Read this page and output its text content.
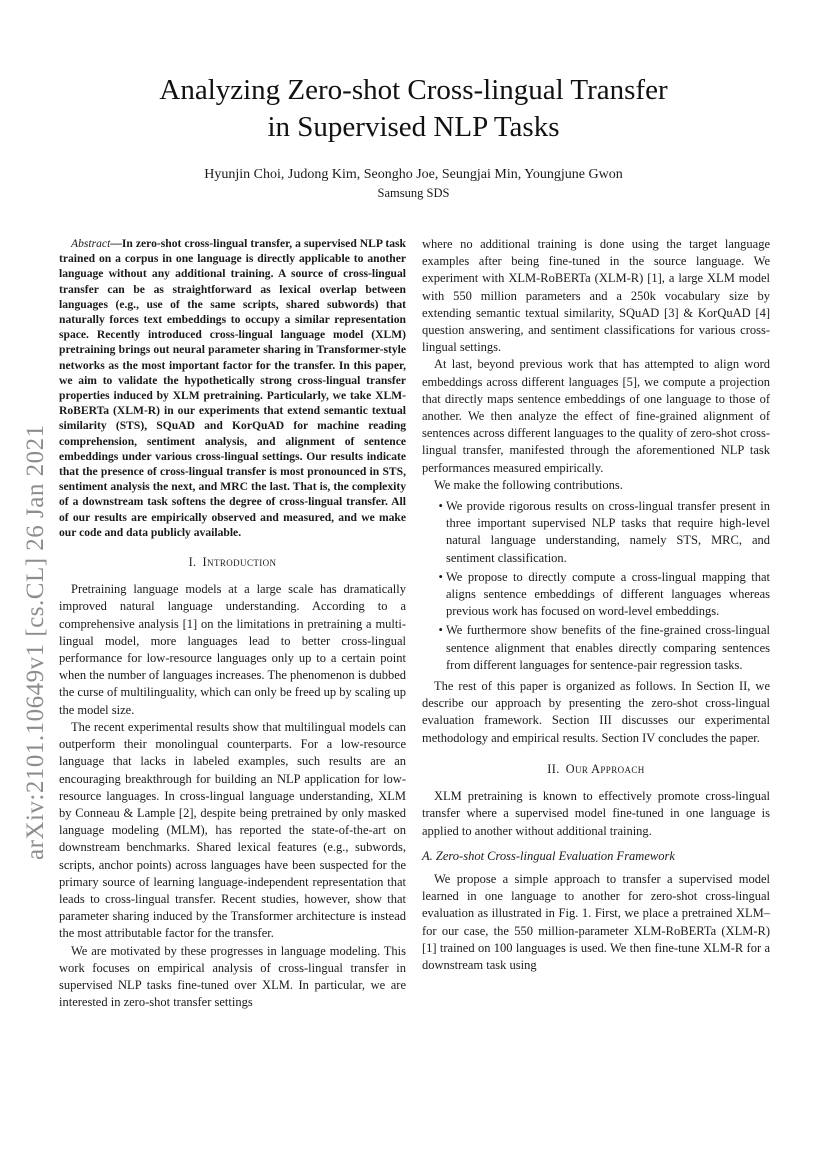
arXiv:2101.10649v1 [cs.CL] 26 Jan 2021
Analyzing Zero-shot Cross-lingual Transfer
in Supervised NLP Tasks
Hyunjin Choi, Judong Kim, Seongho Joe, Seungjai Min, Youngjune Gwon
Samsung SDS

Abstract—In zero-shot cross-lingual transfer, a supervised NLP task trained on a corpus in one language is directly applicable to another language without any additional training. A source of cross-lingual transfer can be as straightforward as lexical overlap between languages (e.g., use of the same scripts, shared subwords) that naturally forces text embeddings to occupy a similar representation space. Recently introduced cross-lingual language model (XLM) pretraining brings out neural parameter sharing in Transformer-style networks as the most important factor for the transfer. In this paper, we aim to validate the hypothetically strong cross-lingual transfer properties induced by XLM pretraining. Particularly, we take XLM-RoBERTa (XLM-R) in our experiments that extend semantic textual similarity (STS), SQuAD and KorQuAD for machine reading comprehension, sentiment analysis, and alignment of sentence embeddings under various cross-lingual settings. Our results indicate that the presence of cross-lingual transfer is most pronounced in STS, sentiment analysis the next, and MRC the last. That is, the complexity of a downstream task softens the degree of cross-lingual transfer. All of our results are empirically observed and measured, and we make our code and data publicly available.

I. Introduction

Pretraining language models at a large scale has dramatically improved natural language understanding. According to a comprehensive analysis [1] on the limitations in pretraining a multi-lingual model, more languages lead to better cross-lingual performance for low-resource languages only up to a certain point when the number of languages increases. The phenomenon is dubbed the curse of multilinguality, which can only be freed up by scaling up the model size.

The recent experimental results show that multilingual models can outperform their monolingual counterparts. For a low-resource language that lacks in labeled examples, such results are an encouraging breakthrough for building an NLP application for low-resource languages. In cross-lingual language understanding, XLM by Conneau & Lample [2], despite being pretrained by only masked language modeling (MLM), has reported the state-of-the-art on downstream benchmarks. Shared lexical features (e.g., subwords, scripts, anchor points) across languages have been suspected for the primary source of learning language-independent representation that leads to cross-lingual transfer. Recent studies, however, show that parameter sharing induced by the Transformer architecture is instead the most attributable factor for the transfer.

We are motivated by these progresses in language modeling. This work focuses on empirical analysis of cross-lingual transfer in supervised NLP tasks fine-tuned over XLM. In particular, we are interested in zero-shot transfer settings

where no additional training is done using the target language examples after being fine-tuned in the source language. We experiment with XLM-RoBERTa (XLM-R) [1], a large XLM model with 550 million parameters and a 250k vocabulary size by extending semantic textual similarity, SQuAD [3] & KorQuAD [4] question answering, and sentiment classifications for various cross-lingual settings.

At last, beyond previous work that has attempted to align word embeddings across different languages [5], we compute a projection that directly maps sentence embeddings of one language to those of another. We then analyze the effect of fine-grained alignment of sentences across different languages to the quality of zero-shot cross-lingual transfer, manifested through the aforementioned NLP task performances measured empirically.

We make the following contributions.

• We provide rigorous results on cross-lingual transfer present in three important supervised NLP tasks that require high-level natural language understanding, namely STS, MRC, and sentiment classification.
• We propose to directly compute a cross-lingual mapping that aligns sentence embeddings of different languages whereas previous work has focused on word-level embeddings.
• We furthermore show benefits of the fine-grained cross-lingual sentence alignment that enables directly comparing sentences from different languages for sentence-pair regression tasks.

The rest of this paper is organized as follows. In Section II, we describe our approach by presenting the zero-shot cross-lingual evaluation framework. Section III discusses our experimental methodology and empirical results. Section IV concludes the paper.

II. Our Approach

XLM pretraining is known to effectively promote cross-lingual transfer where a supervised model fine-tuned in one language is applied to another without additional training.

A. Zero-shot Cross-lingual Evaluation Framework

We propose a simple approach to transfer a supervised model learned in one language to another for zero-shot cross-lingual evaluation as illustrated in Fig. 1. First, we place a pretrained XLM–for our case, the 550 million-parameter XLM-RoBERTa (XLM-R) [1] trained on 100 languages is used. We then fine-tune XLM-R for a downstream task using
